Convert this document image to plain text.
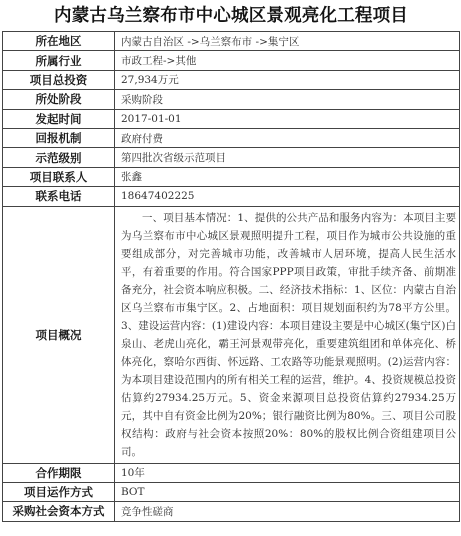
内蒙古乌兰察布市中心城区景观亮化工程项目
所在地区	内蒙古自治区 ->乌兰察布市 ->集宁区
所属行业	市政工程->其他
项目总投资	27,934万元
所处阶段	采购阶段
发起时间	2017-01-01
回报机制	政府付费
示范级别	第四批次省级示范项目
项目联系人	张鑫
联系电话	18647402225
项目概况	一、项目基本情况：1、提供的公共产品和服务内容为：本项目主要为乌兰察布市中心城区景观照明提升工程，项目作为城市公共设施的重要组成部分，对完善城市功能，改善城市人居环境，提高人民生活水平，有着重要的作用。符合国家PPP项目政策，审批手续齐备、前期准备充分，社会资本响应积极。二、经济技术指标：1、区位：内蒙古自治区乌兰察布市集宁区。2、占地面积：项目规划面积约为78平方公里。3、建设运营内容：(1)建设内容：本项目建设主要是中心城区(集宁区)白泉山、老虎山亮化，霸王河景观带亮化，重要建筑组团和单体亮化、桥体亮化，察哈尔西街、怀远路、工农路等功能景观照明。(2)运营内容：为本项目建设范围内的所有相关工程的运营，维护。4、投资规模总投资估算约27934.25万元。5、资金来源项目总投资估算约27934.25万元，其中自有资金比例为20%；银行融资比例为80%。三、项目公司股权结构：政府与社会资本按照20%：80%的股权比例合资组建项目公司。
合作期限	10年
项目运作方式	BOT
采购社会资本方式	竞争性磋商
